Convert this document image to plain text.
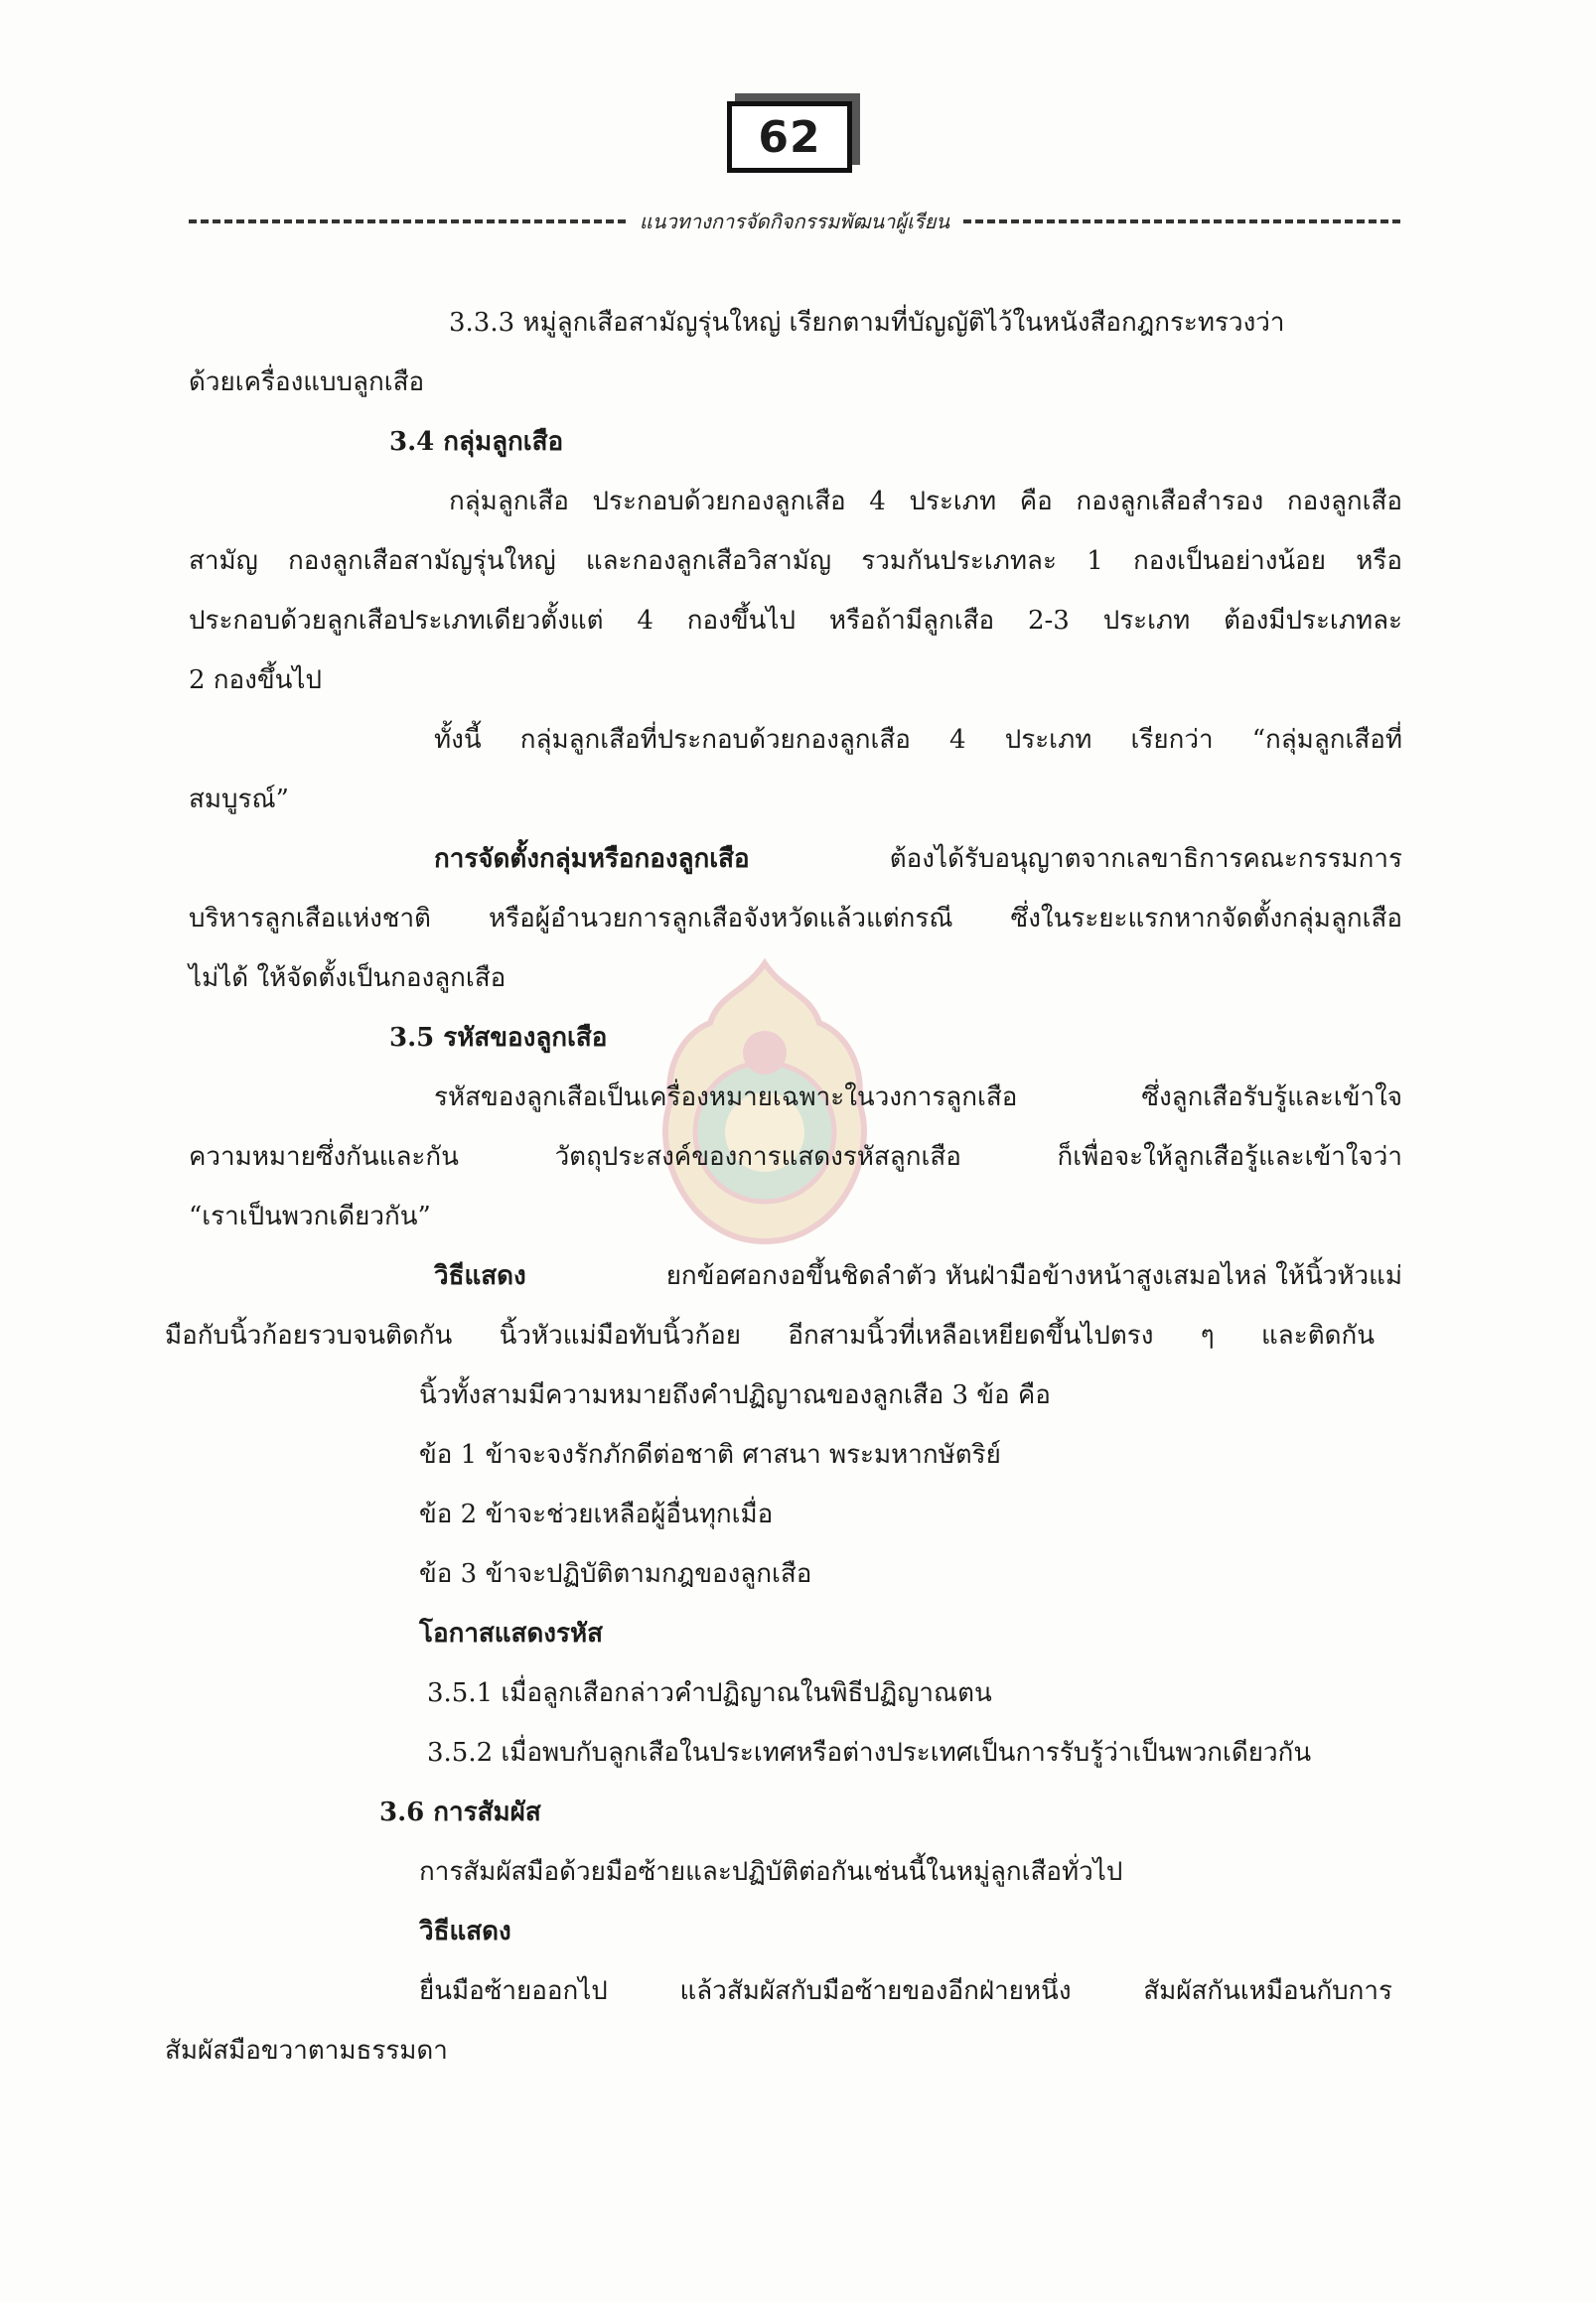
62
แนวทางการจัดกิจกรรมพัฒนาผู้เรียน
3.3.3 หมู่ลูกเสือสามัญรุ่นใหญ่ เรียกตามที่บัญญัติไว้ในหนังสือกฎกระทรวงว่า
ด้วยเครื่องแบบลูกเสือ
3.4 กลุ่มลูกเสือ
กลุ่มลูกเสือ ประกอบด้วยกองลูกเสือ 4 ประเภท คือ กองลูกเสือสำรอง กองลูกเสือ
สามัญ กองลูกเสือสามัญรุ่นใหญ่ และกองลูกเสือวิสามัญ รวมกันประเภทละ 1 กองเป็นอย่างน้อย หรือ
ประกอบด้วยลูกเสือประเภทเดียวตั้งแต่ 4 กองขึ้นไป หรือถ้ามีลูกเสือ 2-3 ประเภท ต้องมีประเภทละ
2 กองขึ้นไป
ทั้งนี้ กลุ่มลูกเสือที่ประกอบด้วยกองลูกเสือ 4 ประเภท เรียกว่า “กลุ่มลูกเสือที่
สมบูรณ์”
การจัดตั้งกลุ่มหรือกองลูกเสือ	ต้องได้รับอนุญาตจากเลขาธิการคณะกรรมการ
บริหารลูกเสือแห่งชาติ หรือผู้อำนวยการลูกเสือจังหวัดแล้วแต่กรณี ซึ่งในระยะแรกหากจัดตั้งกลุ่มลูกเสือ
ไม่ได้ ให้จัดตั้งเป็นกองลูกเสือ
3.5 รหัสของลูกเสือ
รหัสของลูกเสือเป็นเครื่องหมายเฉพาะในวงการลูกเสือ ซึ่งลูกเสือรับรู้และเข้าใจ
ความหมายซึ่งกันและกัน วัตถุประสงค์ของการแสดงรหัสลูกเสือ ก็เพื่อจะให้ลูกเสือรู้และเข้าใจว่า
“เราเป็นพวกเดียวกัน”
วิธีแสดง	ยกข้อศอกงอขึ้นชิดลำตัว หันฝ่ามือข้างหน้าสูงเสมอไหล่ ให้นิ้วหัวแม่
มือกับนิ้วก้อยรวบจนติดกัน นิ้วหัวแม่มือทับนิ้วก้อย อีกสามนิ้วที่เหลือเหยียดขึ้นไปตรง ๆ และติดกัน
นิ้วทั้งสามมีความหมายถึงคำปฏิญาณของลูกเสือ 3 ข้อ คือ
ข้อ 1 ข้าจะจงรักภักดีต่อชาติ ศาสนา พระมหากษัตริย์
ข้อ 2 ข้าจะช่วยเหลือผู้อื่นทุกเมื่อ
ข้อ 3 ข้าจะปฏิบัติตามกฎของลูกเสือ
โอกาสแสดงรหัส
3.5.1 เมื่อลูกเสือกล่าวคำปฏิญาณในพิธีปฏิญาณตน
3.5.2 เมื่อพบกับลูกเสือในประเทศหรือต่างประเทศเป็นการรับรู้ว่าเป็นพวกเดียวกัน
3.6 การสัมผัส
การสัมผัสมือด้วยมือซ้ายและปฏิบัติต่อกันเช่นนี้ในหมู่ลูกเสือทั่วไป
วิธีแสดง
ยื่นมือซ้ายออกไป แล้วสัมผัสกับมือซ้ายของอีกฝ่ายหนึ่ง สัมผัสกันเหมือนกับการ
สัมผัสมือขวาตามธรรมดา
